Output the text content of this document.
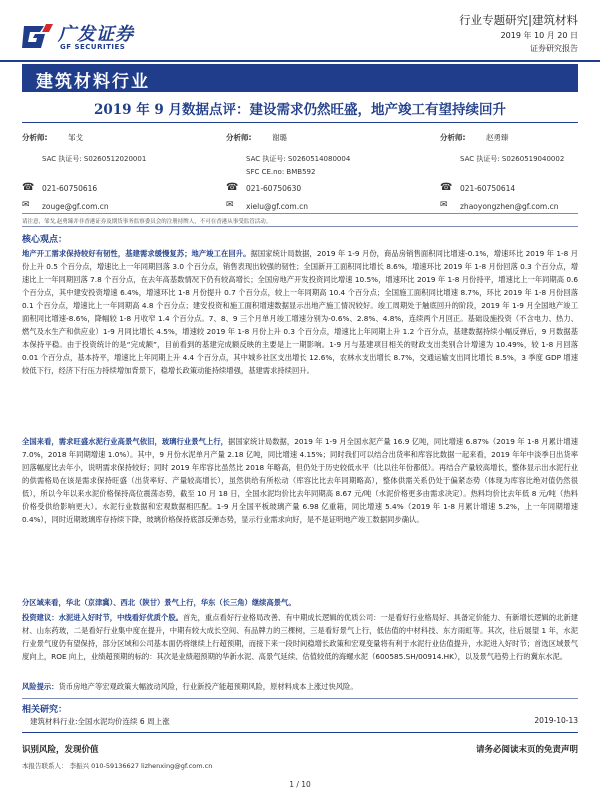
广发证券
GF SECURITIES
行业专题研究|建筑材料
2019 年 10 月 20 日
证券研究报告
建筑材料行业
2019 年 9 月数据点评：建设需求仍然旺盛，地产竣工有望持续回升
分析师:	邹戈
SAC 执证号: S0260512020001
☎ 021-60750616
✉ zouge@gf.com.cn
分析师:	谢璐
SAC 执证号: S0260514080004
SFC CE.no: BMB592
☎ 021-60750630
✉ xielu@gf.com.cn
分析师:	赵勇臻
SAC 执证号: S0260519040002
☎ 021-60750614
✉ zhaoyongzhen@gf.com.cn
请注意，邹戈,赵勇臻并非香港证券及期货事务监察委员会的注册持牌人，不可在香港从事受监管活动。
核心观点：
地产开工需求保持较好有韧性，基建需求缓慢复苏；地产竣工在回升。据国家统计局数据，2019 年 1-9 月份，商品房销售面积同比增速-0.1%，增速环比 2019 年 1-8 月份上升 0.5 个百分点，增速比上一年同期回落 3.0 个百分点，销售表现出较强的韧性；全国新开工面积同比增长 8.6%，增速环比 2019 年 1-8 月份回落 0.3 个百分点，增速比上一年同期回落 7.8 个百分点，在去年高基数情况下仍有较高增长；全国房地产开发投资同比增速 10.5%，增速环比 2019 年 1-8 月份持平，增速比上一年同期高 0.6 个百分点，其中建安投资增速 6.4%，增速环比 1-8 月份提升 0.7 个百分点，较上一年同期高 10.4 个百分点；全国施工面积同比增速 8.7%，环比 2019 年 1-8 月份回落 0.1 个百分点，增速比上一年同期高 4.8 个百分点；建安投资和施工面积增速数据显示出地产施工情况较好。竣工周期处于触底回升的阶段，2019 年 1-9 月全国地产竣工面积同比增速-8.6%，降幅较 1-8 月收窄 1.4 个百分点。7、8、9 三个月单月竣工增速分别为-0.6%、2.8%、4.8%，连续两个月回正。基础设施投资（不含电力、热力、燃气及水生产和供应业）1-9 月同比增长 4.5%，增速较 2019 年 1-8 月份上升 0.3 个百分点，增速比上年同期上升 1.2 个百分点，基建数据持续小幅反弹后，9 月数据基本保持平稳。由于投资统计的是“完成额”，目前看到的基建完成额反映的主要是上一期影响。1-9 月与基建项目相关的财政支出类别合计增速为 10.49%，较 1-8 月回落 0.01 个百分点，基本持平，增速比上年同期上升 4.4 个百分点，其中城乡社区支出增长 12.6%，农林水支出增长 8.7%，交通运输支出同比增长 8.5%，3 季度 GDP 增速较低下行，经济下行压力持续增加背景下，稳增长政策动能持续增强，基建需求持续回升。
全国来看，需求旺盛水泥行业高景气依旧，玻璃行业景气上行，据国家统计局数据，2019 年 1-9 月全国水泥产量 16.9 亿吨，同比增速 6.87%（2019 年 1-8 月累计增速 7.0%，2018 年同期增速 1.0%）。其中，9 月份水泥单月产量 2.18 亿吨，同比增速 4.15%；同时我们可以结合出货率和库容比数据一起来看，2019 年年中淡季日出货率回落幅度比去年小，说明需求保持较好；同时 2019 年库容比虽然比 2018 年略高，但仍处于历史较低水平（比以往年份都低）。再结合产量较高增长，整体显示出水泥行业的供需格局在该是需求保持旺盛（出货率好、产量较高增长），虽然供给有所松动（库容比比去年同期略高），整体供需关系仍处于偏紧态势（体现为库容比绝对值仍然很低），所以今年以来水泥价格保持高位震荡态势，截至 10 月 18 日，全国水泥均价比去年同期高 8.67 元/吨（水泥价格更多由需求决定）。热料均价比去年低 8 元/吨（热料价格受供给影响更大）。水泥行业数据和宏观数据相匹配。1-9 月全国平板玻璃产量 6.98 亿重箱，同比增速 5.4%（2019 年 1-8 月累计增速 5.2%，上一年同期增速 0.4%），同时近期玻璃库存持续下降，玻璃价格保持底部反弹态势，显示行业需求向好，是不是证明地产竣工数据同步确认。
分区域来看，华北（京津冀）、西北（陕甘）景气上行，华东（长三角）继续高景气。
投资建议：水泥进入好时节，中线看好优质个股。首先，重点看好行业格局改善、有中期成长逻辑的优质公司：一是看好行业格局好、具备定价能力、有新增长逻辑的北新建材、山东药玻，二是看好行业集中度在提升，中期有较大成长空间、有品牌力的三棵树，三是看好景气上行，低估值的中材科技、东方雨虹等。其次，往后展望 1 年，水泥行业景气度仍有望保持，部分区域和公司基本面仍将继续上行超预期，而接下来一段时间稳增长政策和宏观变量将有利于水泥行业估值提升，水泥进入好时节；首选区域景气度向上，ROE 向上，业绩超预期的标的：其次是业绩超预期的华新水泥、高景气延续、估值较低的海螺水泥（600585.SH/00914.HK），以及景气趋势上行的冀东水泥。
风险提示：货币房地产等宏观政策大幅波动风险，行业新投产能超预期风险，原材料成本上涨过快风险。
相关研究：
建筑材料行业:全国水泥均价连续 6 周上涨	2019-10-13
识别风险，发现价值	请务必阅读末页的免责声明
本报告联系人： 李振兴 010-59136627 lizhenxing@gf.com.cn
1 / 10
